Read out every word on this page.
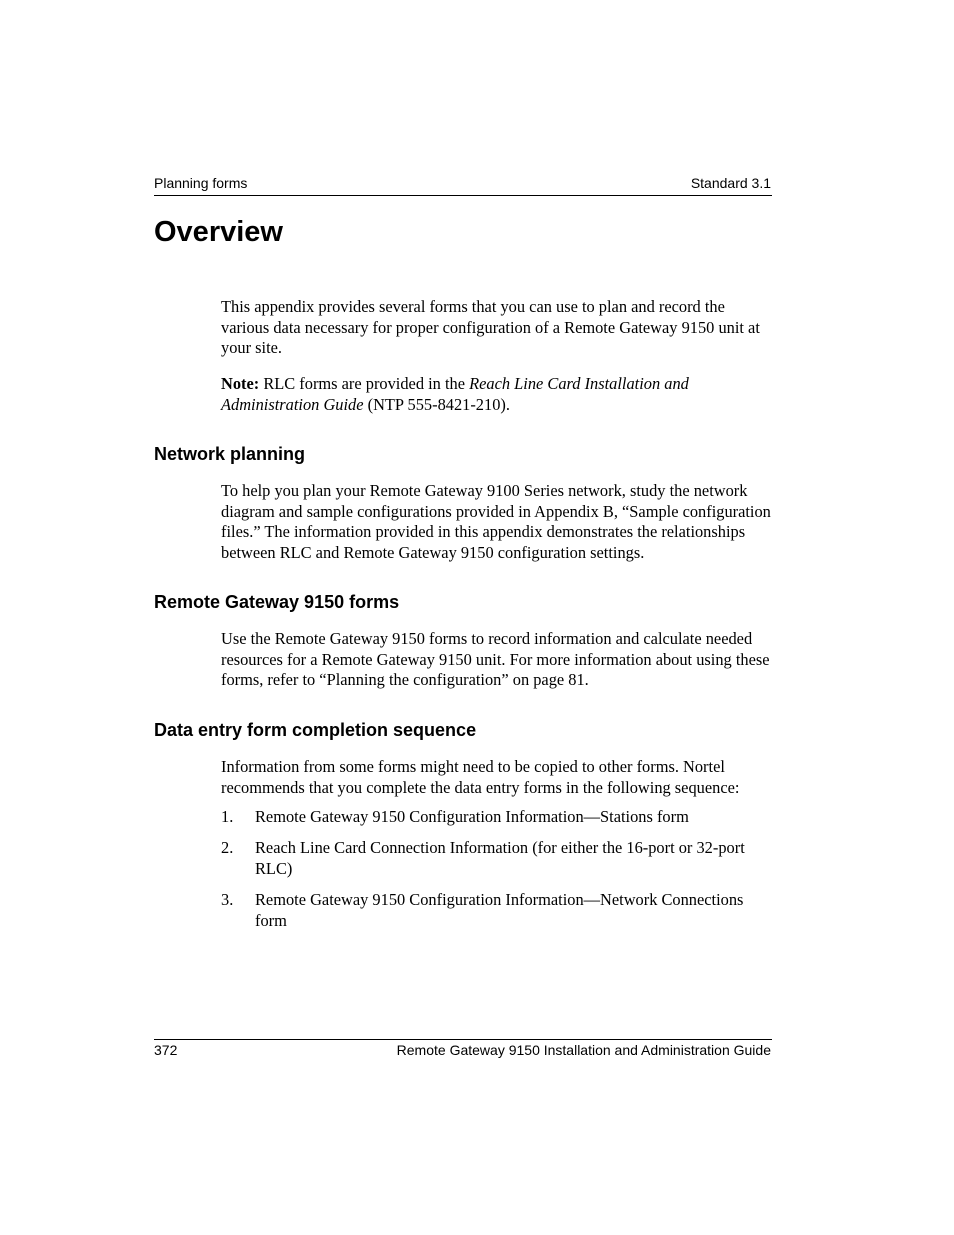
Planning forms	Standard 3.1
Overview

This appendix provides several forms that you can use to plan and record the various data necessary for proper configuration of a Remote Gateway 9150 unit at your site.

Note: RLC forms are provided in the Reach Line Card Installation and Administration Guide (NTP 555-8421-210).

Network planning

To help you plan your Remote Gateway 9100 Series network, study the network diagram and sample configurations provided in Appendix B, “Sample configuration files.” The information provided in this appendix demonstrates the relationships between RLC and Remote Gateway 9150 configuration settings.

Remote Gateway 9150 forms

Use the Remote Gateway 9150 forms to record information and calculate needed resources for a Remote Gateway 9150 unit. For more information about using these forms, refer to “Planning the configuration” on page 81.

Data entry form completion sequence

Information from some forms might need to be copied to other forms. Nortel recommends that you complete the data entry forms in the following sequence:

1. Remote Gateway 9150 Configuration Information—Stations form
2. Reach Line Card Connection Information (for either the 16-port or 32-port RLC)
3. Remote Gateway 9150 Configuration Information—Network Connections form
372	Remote Gateway 9150 Installation and Administration Guide
